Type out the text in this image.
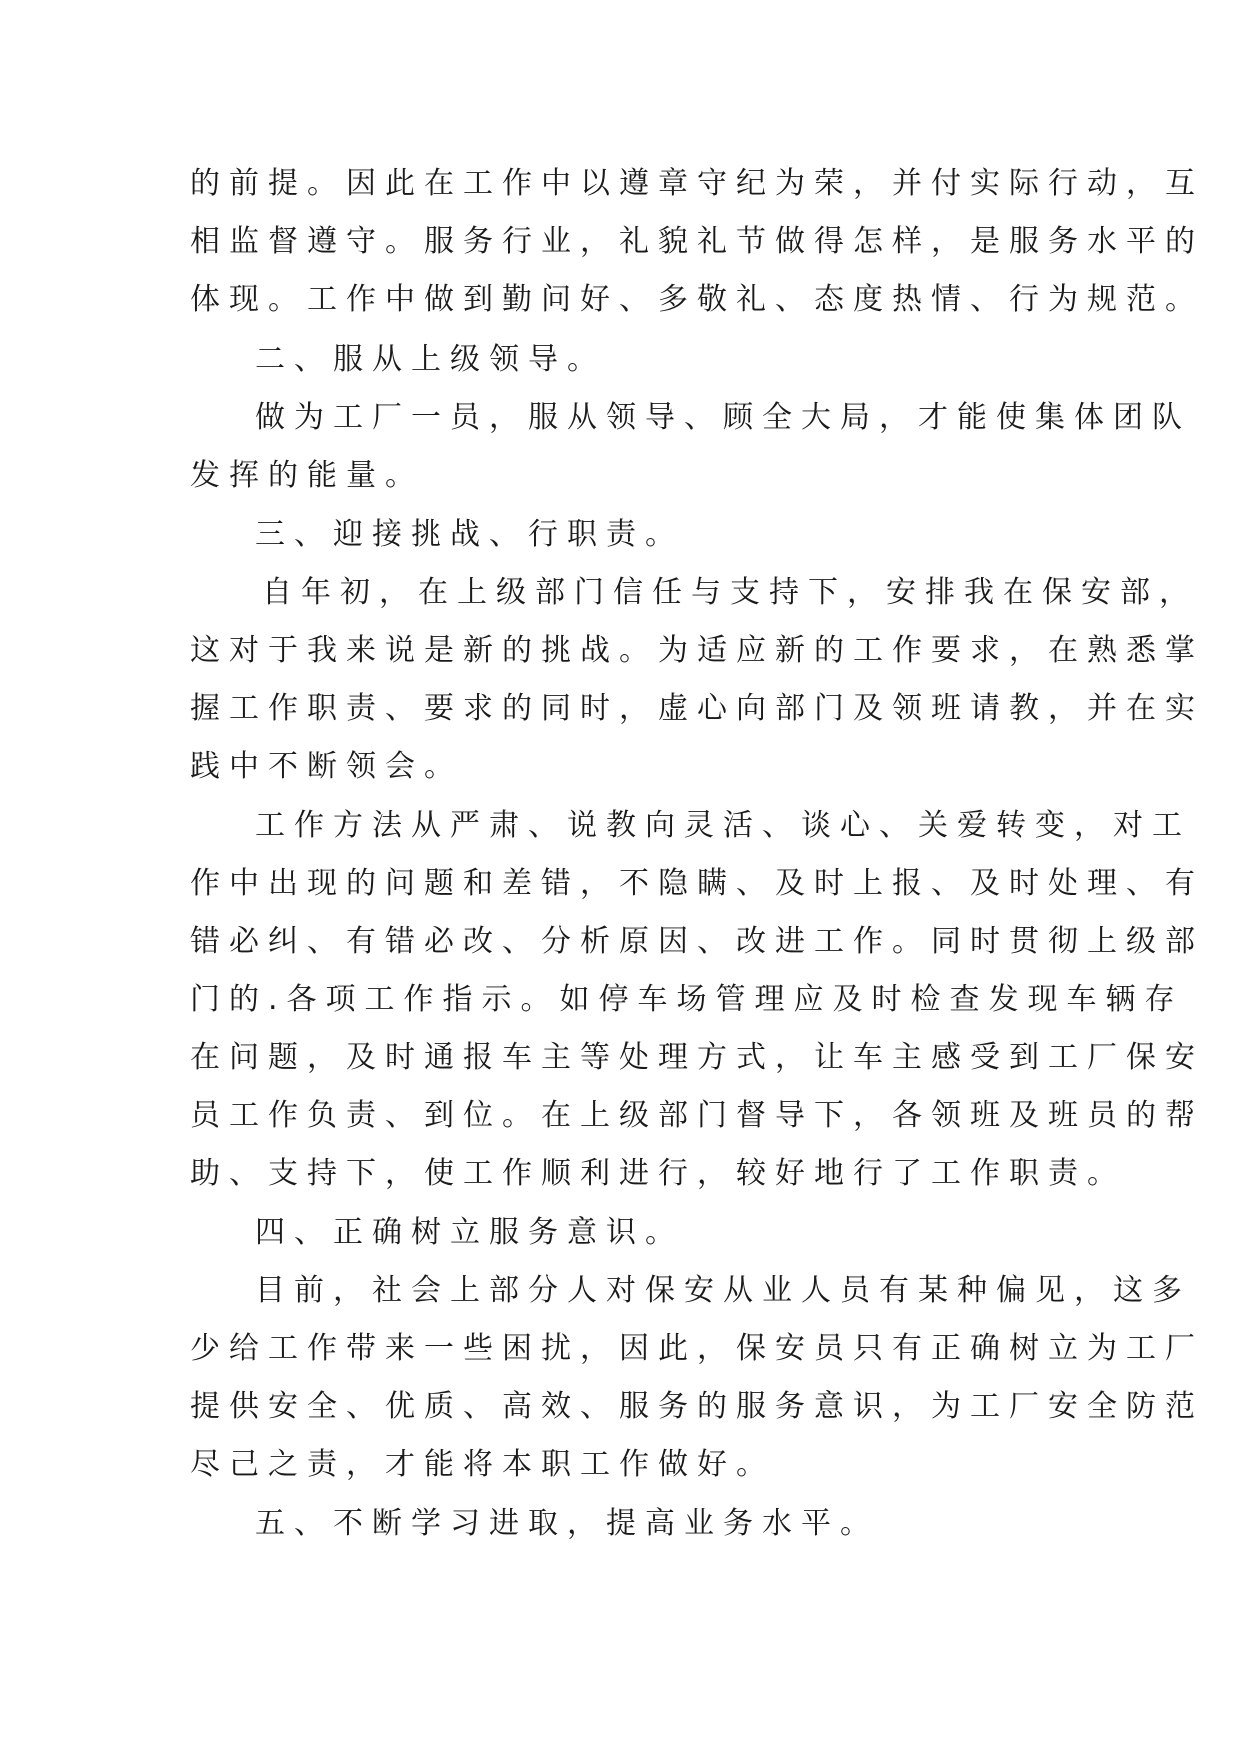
的前提。因此在工作中以遵章守纪为荣，并付实际行动，互

相监督遵守。服务行业，礼貌礼节做得怎样，是服务水平的

体现。工作中做到勤问好、多敬礼、态度热情、行为规范。

二、服从上级领导。

做为工厂一员，服从领导、顾全大局，才能使集体团队

发挥的能量。

三、迎接挑战、行职责。

自年初，在上级部门信任与支持下，安排我在保安部，

这对于我来说是新的挑战。为适应新的工作要求，在熟悉掌

握工作职责、要求的同时，虚心向部门及领班请教，并在实

践中不断领会。

工作方法从严肃、说教向灵活、谈心、关爱转变，对工

作中出现的问题和差错，不隐瞒、及时上报、及时处理、有

错必纠、有错必改、分析原因、改进工作。同时贯彻上级部

门的.各项工作指示。如停车场管理应及时检查发现车辆存

在问题，及时通报车主等处理方式，让车主感受到工厂保安

员工作负责、到位。在上级部门督导下，各领班及班员的帮

助、支持下，使工作顺利进行，较好地行了工作职责。

四、正确树立服务意识。

目前，社会上部分人对保安从业人员有某种偏见，这多

少给工作带来一些困扰，因此，保安员只有正确树立为工厂

提供安全、优质、高效、服务的服务意识，为工厂安全防范

尽己之责，才能将本职工作做好。

五、不断学习进取，提高业务水平。
